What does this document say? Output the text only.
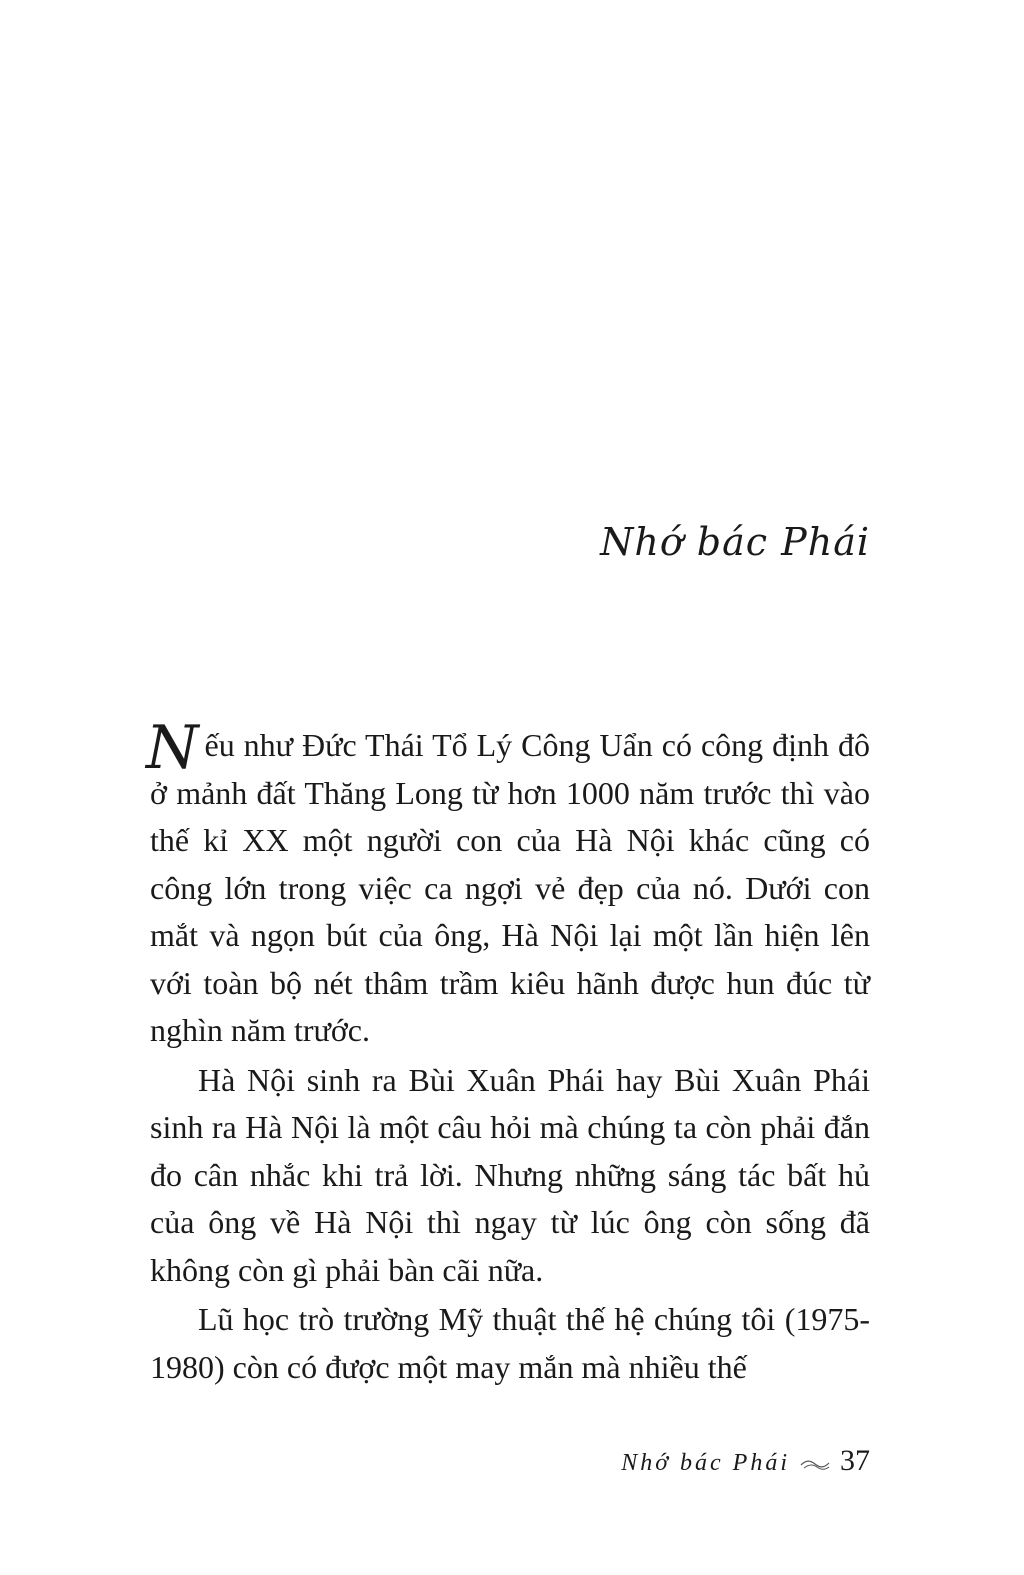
Nhớ bác Phái

Nếu như Đức Thái Tổ Lý Công Uẩn có công định đô ở mảnh đất Thăng Long từ hơn 1000 năm trước thì vào thế kỉ XX một người con của Hà Nội khác cũng có công lớn trong việc ca ngợi vẻ đẹp của nó. Dưới con mắt và ngọn bút của ông, Hà Nội lại một lần hiện lên với toàn bộ nét thâm trầm kiêu hãnh được hun đúc từ nghìn năm trước.

Hà Nội sinh ra Bùi Xuân Phái hay Bùi Xuân Phái sinh ra Hà Nội là một câu hỏi mà chúng ta còn phải đắn đo cân nhắc khi trả lời. Nhưng những sáng tác bất hủ của ông về Hà Nội thì ngay từ lúc ông còn sống đã không còn gì phải bàn cãi nữa.

Lũ học trò trường Mỹ thuật thế hệ chúng tôi (1975-1980) còn có được một may mắn mà nhiều thế

Nhớ bác Phái 37
